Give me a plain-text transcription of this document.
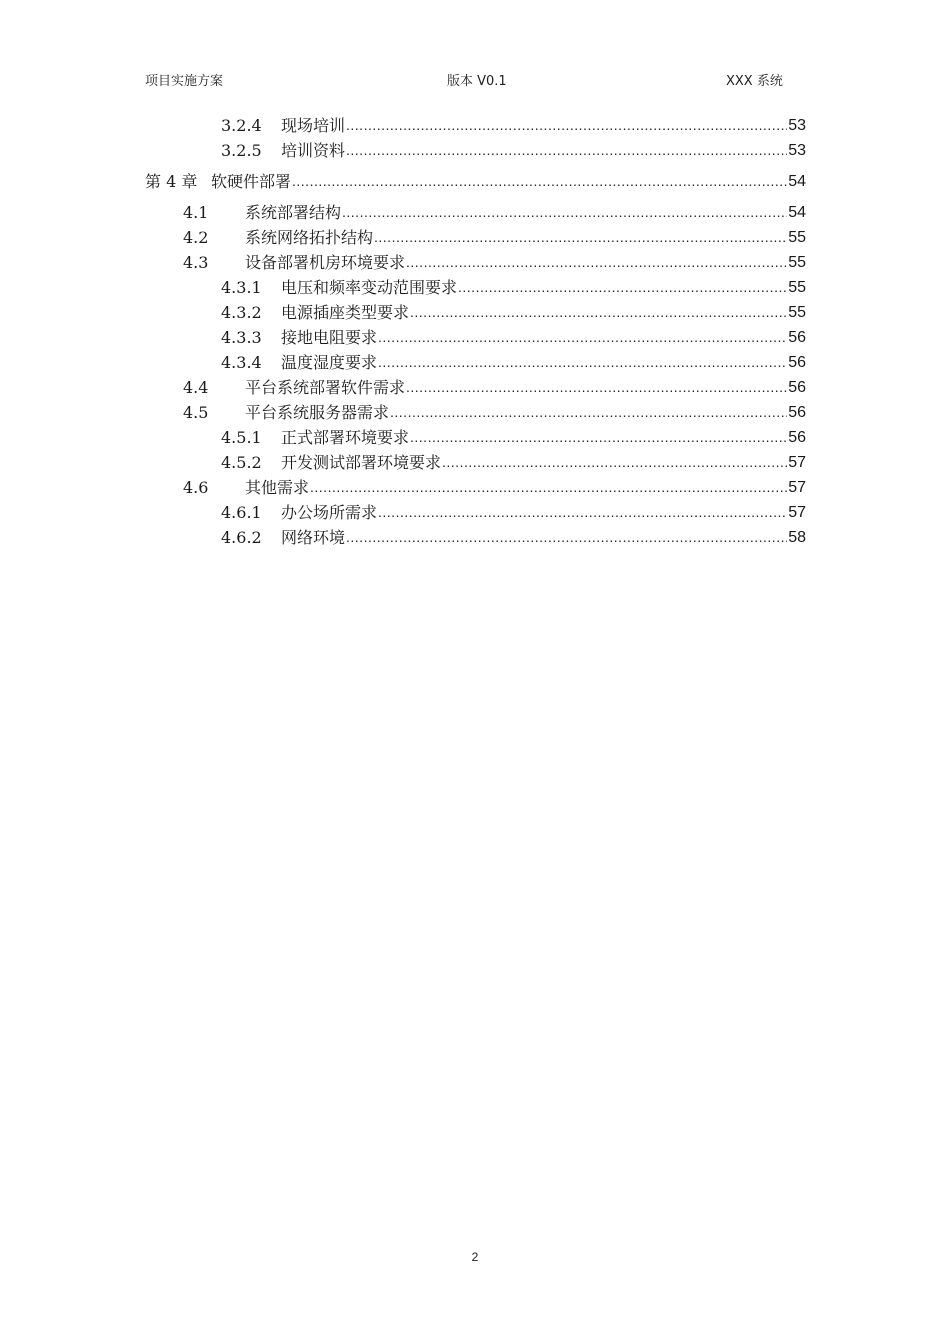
项目实施方案	版本 V0.1	XXX 系统
3.2.4	现场培训 .....	53
3.2.5	培训资料 .....	53
第 4 章 软硬件部署 .....	54
4.1	系统部署结构 .....	54
4.2	系统网络拓扑结构 .....	55
4.3	设备部署机房环境要求 .....	55
4.3.1	电压和频率变动范围要求 .....	55
4.3.2	电源插座类型要求 .....	55
4.3.3	接地电阻要求 .....	56
4.3.4	温度湿度要求 .....	56
4.4	平台系统部署软件需求 .....	56
4.5	平台系统服务器需求 .....	56
4.5.1	正式部署环境要求 .....	56
4.5.2	开发测试部署环境要求 .....	57
4.6	其他需求 .....	57
4.6.1	办公场所需求 .....	57
4.6.2	网络环境 .....	58
2
